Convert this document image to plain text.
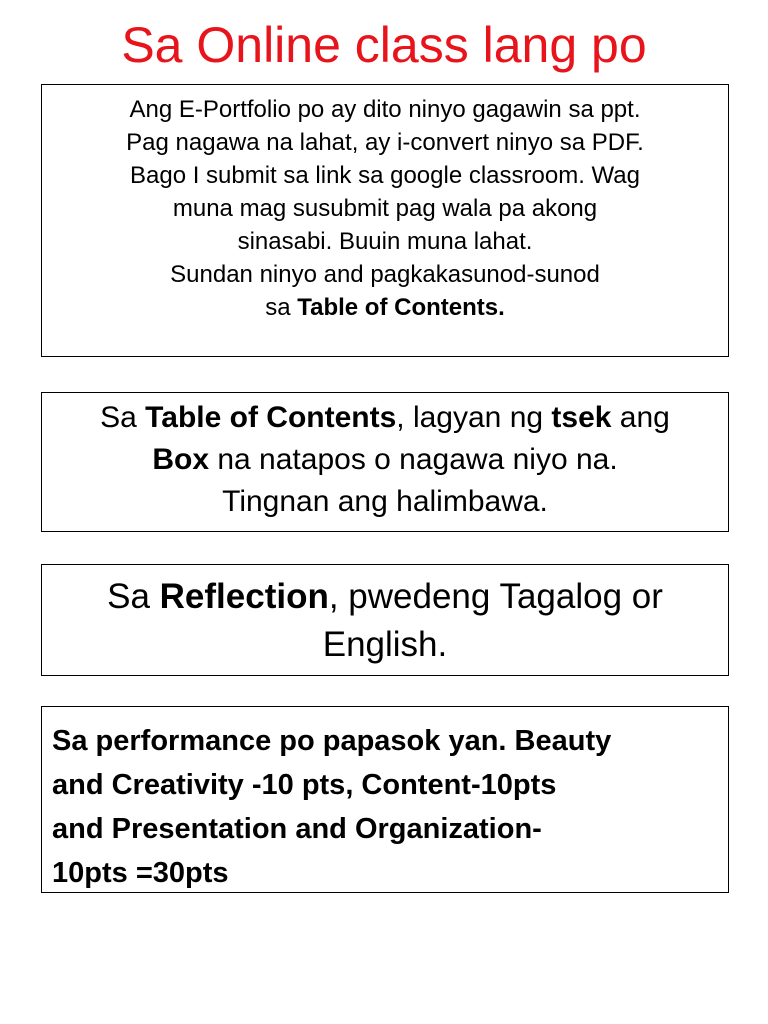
Sa Online class lang po
Ang E-Portfolio po ay dito ninyo gagawin sa ppt.
Pag nagawa na lahat, ay i-convert ninyo sa PDF.
Bago I submit sa link sa google classroom. Wag
muna mag susubmit pag wala pa akong
sinasabi. Buuin muna lahat.
Sundan ninyo and pagkakasunod-sunod
sa Table of Contents.
Sa Table of Contents, lagyan ng tsek ang
Box na natapos o nagawa niyo na.
Tingnan ang halimbawa.
Sa Reflection, pwedeng Tagalog or
English.
Sa performance po papasok yan. Beauty
and Creativity -10 pts, Content-10pts
and Presentation and Organization-
10pts =30pts
